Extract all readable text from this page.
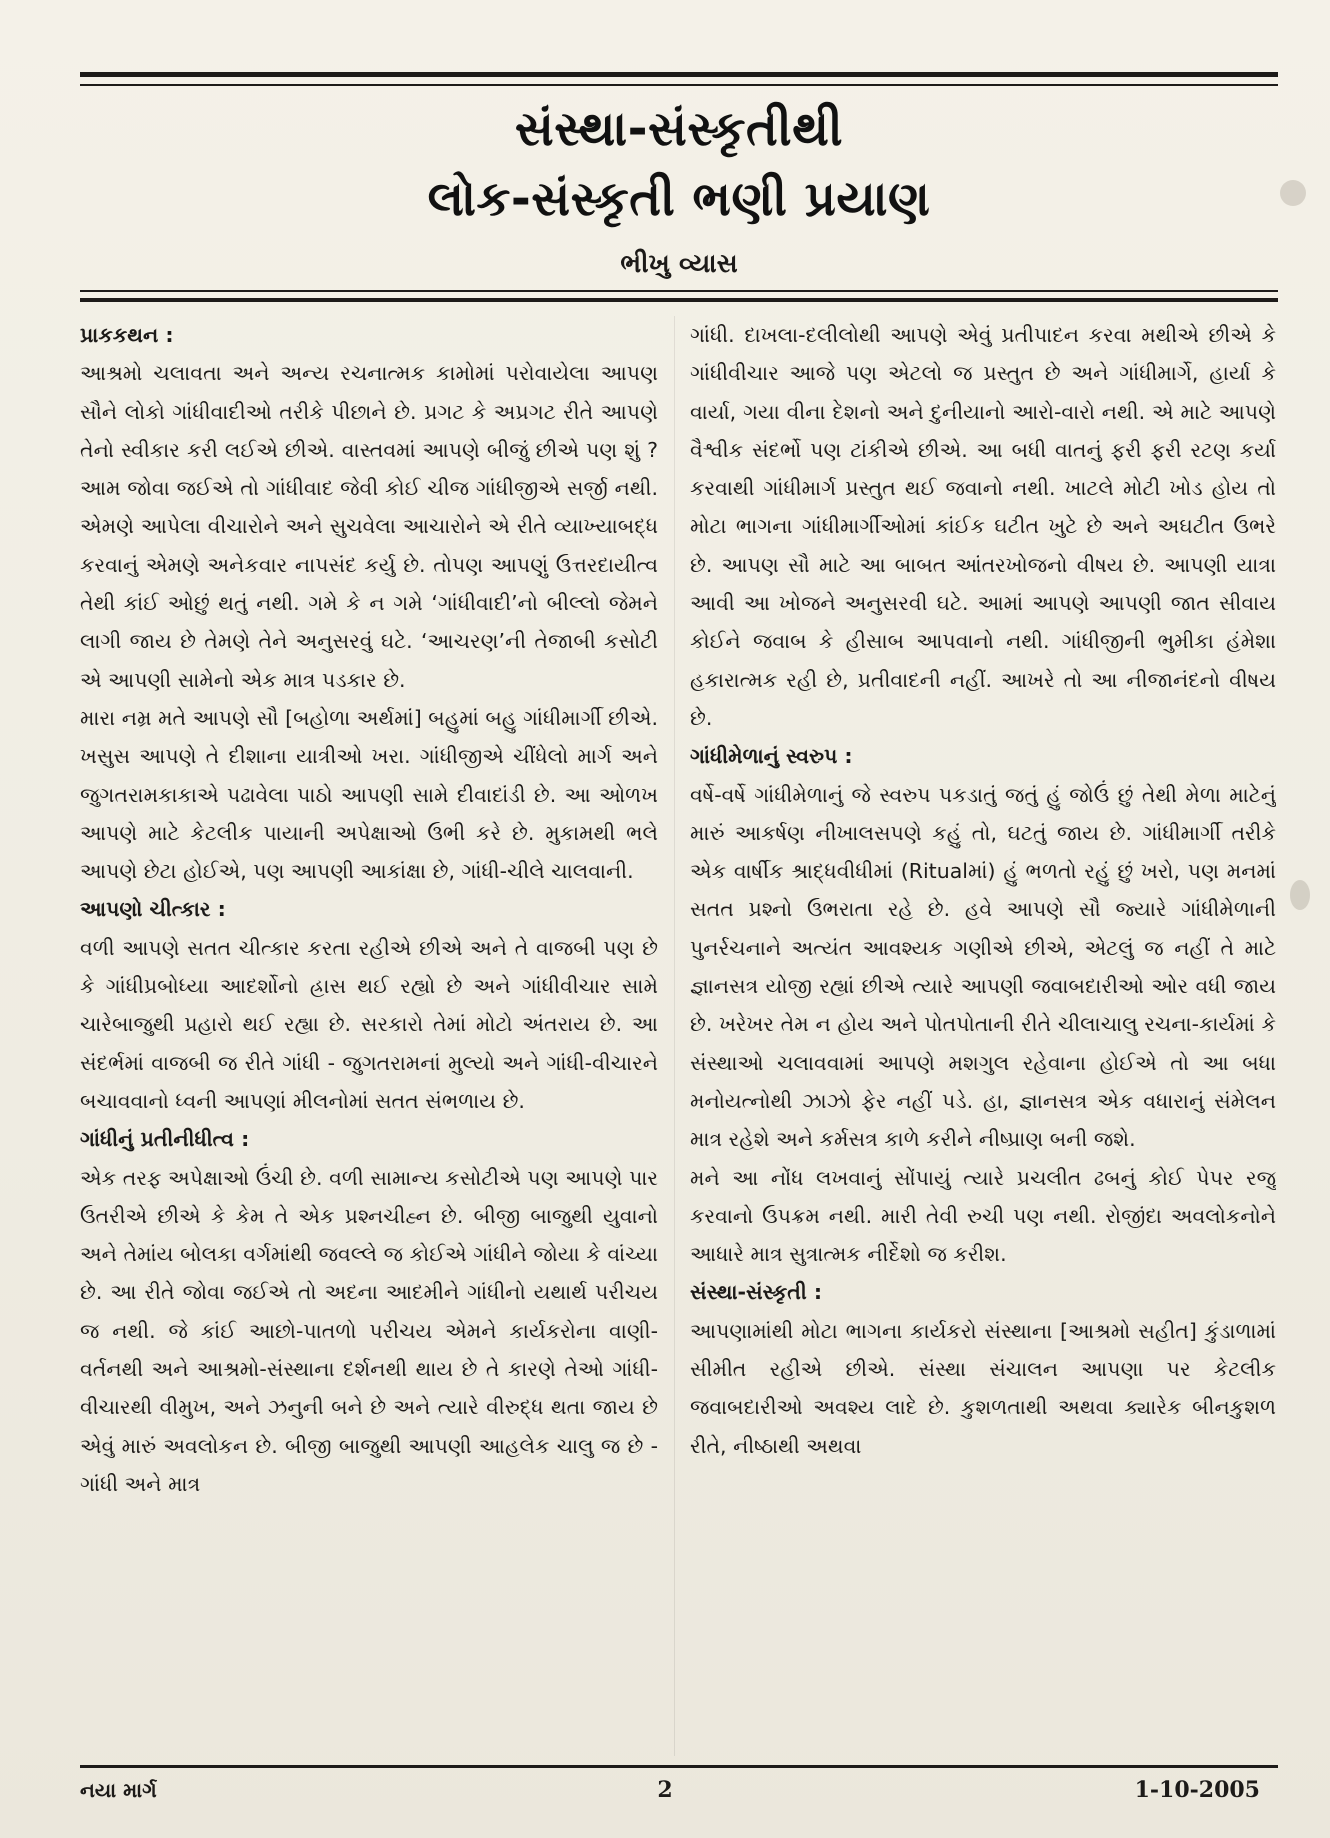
સંસ્થા-સંસ્કૃતીથી
લોક-સંસ્કૃતી ભણી પ્રયાણ
ભીખુ વ્યાસ
પ્રાકકથન :

આશ્રમો ચલાવતા અને અન્ય રચનાત્મક કામોમાં પરોવાયેલા આપણ સૌને લોકો ગાંધીવાદીઓ તરીકે પીછાને છે. પ્રગટ કે અપ્રગટ રીતે આપણે તેનો સ્વીકાર કરી લઈએ છીએ. વાસ્તવમાં આપણે બીજું છીએ પણ શું ? આમ જોવા જઈએ તો ગાંધીવાદ જેવી કોઈ ચીજ ગાંધીજીએ સર્જી નથી. એમણે આપેલા વીચારોને અને સુચવેલા આચારોને એ રીતે વ્યાખ્યાબદ્ધ કરવાનું એમણે અનેકવાર નાપસંદ કર્યુ છે. તોપણ આપણું ઉત્તરદાયીત્વ તેથી કાંઈ ઓછું થતું નથી. ગમે કે ન ગમે ‘ગાંધીવાદી’નો બીલ્લો જેમને લાગી જાય છે તેમણે તેને અનુસરવું ઘટે. ‘આચરણ’ની તેજાબી કસોટી એ આપણી સામેનો એક માત્ર પડકાર છે.

મારા નમ્ર મતે આપણે સૌ [બહોળા અર્થમાં] બહુમાં બહુ ગાંધીમાર્ગી છીએ. ખસુસ આપણે તે દીશાના યાત્રીઓ ખરા. ગાંધીજીએ ચીંધેલો માર્ગ અને જુગતરામકાકાએ પઢાવેલા પાઠો આપણી સામે દીવાદાંડી છે. આ ઓળખ આપણે માટે કેટલીક પાયાની અપેક્ષાઓ ઉભી કરે છે. મુકામથી ભલે આપણે છેટા હોઈએ, પણ આપણી આકાંક્ષા છે, ગાંધી-ચીલે ચાલવાની.

આપણો ચીત્કાર :

વળી આપણે સતત ચીત્કાર કરતા રહીએ છીએ અને તે વાજબી પણ છે કે ગાંધીપ્રબોધ્યા આદર્શોનો હ્રાસ થઈ રહ્યો છે અને ગાંધીવીચાર સામે ચારેબાજુથી પ્રહારો થઈ રહ્યા છે. સરકારો તેમાં મોટો અંતરાય છે. આ સંદર્ભમાં વાજબી જ રીતે ગાંધી - જુગતરામનાં મુલ્યો અને ગાંધી-વીચારને બચાવવાનો ધ્વની આપણાં મીલનોમાં સતત સંભળાય છે.

ગાંધીનું પ્રતીનીધીત્વ :

એક તરફ અપેક્ષાઓ ઉંચી છે. વળી સામાન્ય કસોટીએ પણ આપણે પાર ઉતરીએ છીએ કે કેમ તે એક પ્રશ્નચીહ્ન છે. બીજી બાજુથી યુવાનો અને તેમાંય બોલકા વર્ગમાંથી જવલ્લે જ કોઈએ ગાંધીને જોયા કે વાંચ્યા છે. આ રીતે જોવા જઈએ તો અદના આદમીને ગાંધીનો યથાર્થ પરીચય જ નથી. જે કાંઈ આછો-પાતળો પરીચય એમને કાર્યકરોના વાણી-વર્તનથી અને આશ્રમો-સંસ્થાના દર્શનથી થાય છે તે કારણે તેઓ ગાંધી-વીચારથી વીમુખ, અને ઝનુની બને છે અને ત્યારે વીરુદ્ધ થતા જાય છે એવું મારું અવલોકન છે. બીજી બાજુથી આપણી આહલેક ચાલુ જ છે - ગાંધી અને માત્ર

ગાંધી. દાખલા-દલીલોથી આપણે એવું પ્રતીપાદન કરવા મથીએ છીએ કે ગાંધીવીચાર આજે પણ એટલો જ પ્રસ્તુત છે અને ગાંધીમાર્ગે, હાર્યા કે વાર્યા, ગયા વીના દેશનો અને દુનીયાનો આરો-વારો નથી. એ માટે આપણે વૈશ્વીક સંદર્ભો પણ ટાંકીએ છીએ. આ બધી વાતનું ફરી ફરી રટણ કર્યા કરવાથી ગાંધીમાર્ગ પ્રસ્તુત થઈ જવાનો નથી. ખાટલે મોટી ખોડ હોય તો મોટા ભાગના ગાંધીમાર્ગીઓમાં કાંઈક ઘટીત ખુટે છે અને અઘટીત ઉભરે છે. આપણ સૌ માટે આ બાબત આંતરખોજનો વીષય છે. આપણી યાત્રા આવી આ ખોજને અનુસરવી ઘટે. આમાં આપણે આપણી જાત સીવાય કોઈને જવાબ કે હીસાબ આપવાનો નથી. ગાંધીજીની ભુમીકા હંમેશા હકારાત્મક રહી છે, પ્રતીવાદની નહીં. આખરે તો આ નીજાનંદનો વીષય છે.

ગાંધીમેળાનું સ્વરુપ :

વર્ષે-વર્ષે ગાંધીમેળાનું જે સ્વરુપ પકડાતું જતું હું જોઉં છું તેથી મેળા માટેનું મારું આકર્ષણ નીખાલસપણે કહું તો, ઘટતું જાય છે. ગાંધીમાર્ગી તરીકે એક વાર્ષીક શ્રાદ્ધવીધીમાં (Ritualમાં) હું ભળતો રહું છું ખરો, પણ મનમાં સતત પ્રશ્નો ઉભરાતા રહે છે. હવે આપણે સૌ જ્યારે ગાંધીમેળાની પુનર્રચનાને અત્યંત આવશ્યક ગણીએ છીએ, એટલું જ નહીં તે માટે જ્ઞાનસત્ર યોજી રહ્યાં છીએ ત્યારે આપણી જવાબદારીઓ ઓર વધી જાય છે. ખરેખર તેમ ન હોય અને પોતપોતાની રીતે ચીલાચાલુ રચના-કાર્યમાં કે સંસ્થાઓ ચલાવવામાં આપણે મશગુલ રહેવાના હોઈએ તો આ બધા મનોયત્નોથી ઝાઝો ફેર નહીં પડે. હા, જ્ઞાનસત્ર એક વધારાનું સંમેલન માત્ર રહેશે અને કર્મસત્ર કાળે કરીને નીષ્પ્રાણ બની જશે.

મને આ નોંધ લખવાનું સોંપાયું ત્યારે પ્રચલીત ઢબનું કોઈ પેપર રજુ કરવાનો ઉપક્રમ નથી. મારી તેવી રુચી પણ નથી. રોજીંદા અવલોકનોને આધારે માત્ર સુત્રાત્મક નીર્દેશો જ કરીશ.

સંસ્થા-સંસ્કૃતી :

આપણામાંથી મોટા ભાગના કાર્યકરો સંસ્થાના [આશ્રમો સહીત] કુંડાળામાં સીમીત રહીએ છીએ. સંસ્થા સંચાલન આપણા પર કેટલીક જવાબદારીઓ અવશ્ય લાદે છે. કુશળતાથી અથવા ક્યારેક બીનકુશળ રીતે, નીષ્ઠાથી અથવા

નયા માર્ગ	2	1-10-2005
